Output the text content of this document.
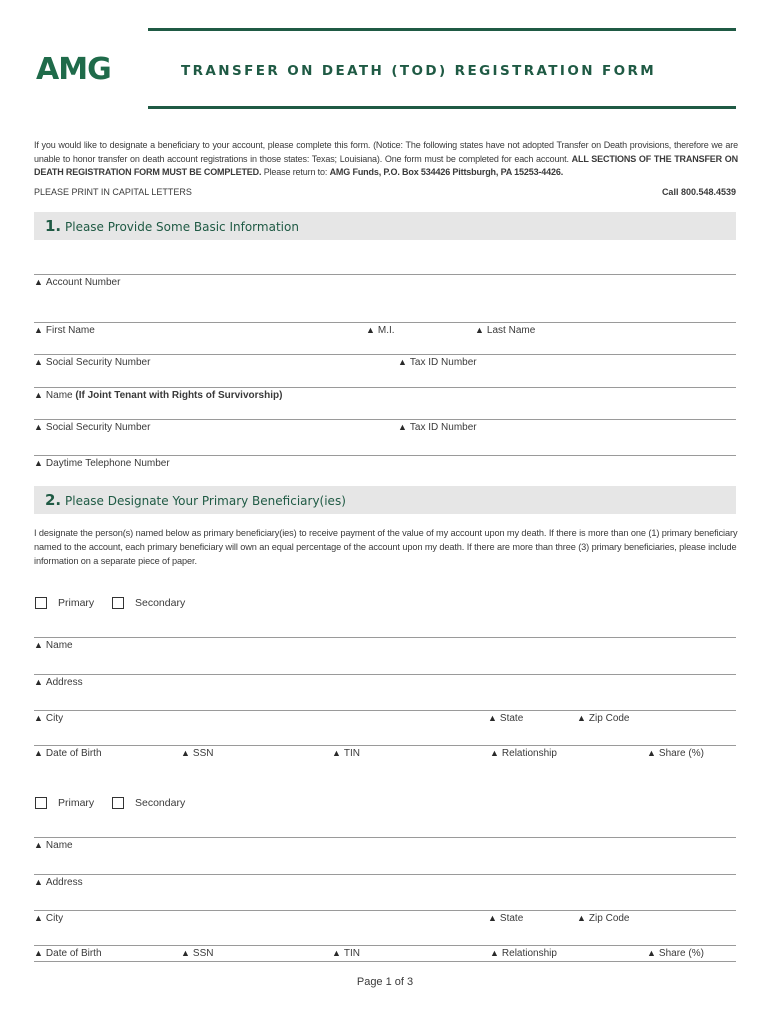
AMG	TRANSFER ON DEATH (TOD) REGISTRATION FORM
If you would like to designate a beneficiary to your account, please complete this form. (Notice: The following states have not adopted Transfer on Death provisions, therefore we are unable to honor transfer on death account registrations in those states: Texas; Louisiana). One form must be completed for each account. ALL SECTIONS OF THE TRANSFER ON DEATH REGISTRATION FORM MUST BE COMPLETED. Please return to: AMG Funds, P.O. Box 534426 Pittsburgh, PA 15253-4426.
PLEASE PRINT IN CAPITAL LETTERS	Call 800.548.4539
1. Please Provide Some Basic Information
▲ Account Number
▲ First Name	▲ M.I.	▲ Last Name
▲ Social Security Number	▲ Tax ID Number
▲ Name (If Joint Tenant with Rights of Survivorship)
▲ Social Security Number	▲ Tax ID Number
▲ Daytime Telephone Number
2. Please Designate Your Primary Beneficiary(ies)
I designate the person(s) named below as primary beneficiary(ies) to receive payment of the value of my account upon my death. If there is more than one (1) primary beneficiary named to the account, each primary beneficiary will own an equal percentage of the account upon my death. If there are more than three (3) primary beneficiaries, please include information on a separate piece of paper.
Primary	Secondary
▲ Name
▲ Address
▲ City	▲ State	▲ Zip Code
▲ Date of Birth	▲ SSN	▲ TIN	▲ Relationship	▲ Share (%)
Primary	Secondary
▲ Name
▲ Address
▲ City	▲ State	▲ Zip Code
▲ Date of Birth	▲ SSN	▲ TIN	▲ Relationship	▲ Share (%)
Page 1 of 3
